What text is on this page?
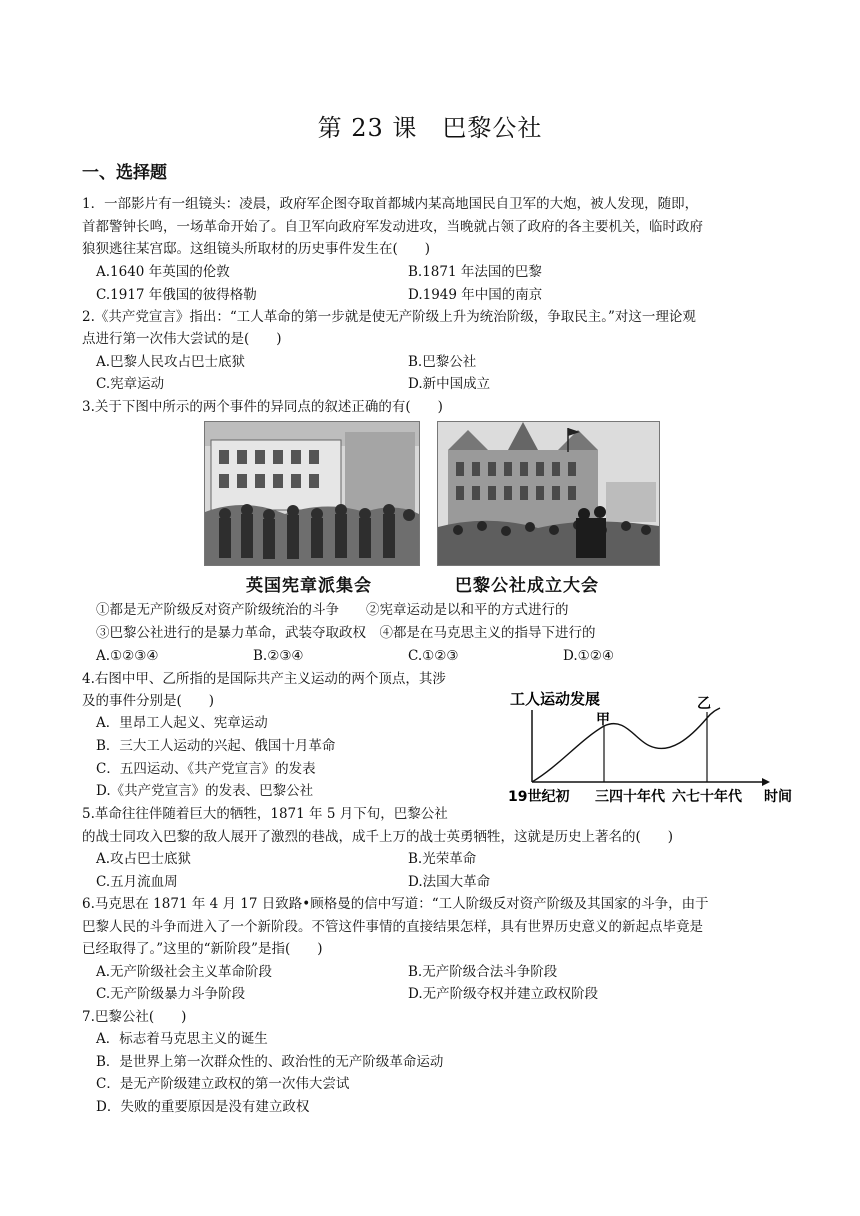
第 23 课　巴黎公社
一、选择题
1．一部影片有一组镜头：凌晨，政府军企图夺取首都城内某高地国民自卫军的大炮，被人发现，随即，
首都警钟长鸣，一场革命开始了。自卫军向政府军发动进攻，当晚就占领了政府的各主要机关，临时政府
狼狈逃往某宫邸。这组镜头所取材的历史事件发生在(　　)
A.1640 年英国的伦敦	B.1871 年法国的巴黎
C.1917 年俄国的彼得格勒	D.1949 年中国的南京
2.《共产党宣言》指出：“工人革命的第一步就是使无产阶级上升为统治阶级，争取民主。”对这一理论观
点进行第一次伟大尝试的是(　　)
A.巴黎人民攻占巴士底狱	B.巴黎公社
C.宪章运动	D.新中国成立
3.关于下图中所示的两个事件的异同点的叙述正确的有(　　)
英国宪章派集会	巴黎公社成立大会
①都是无产阶级反对资产阶级统治的斗争　　②宪章运动是以和平的方式进行的
③巴黎公社进行的是暴力革命，武装夺取政权　④都是在马克思主义的指导下进行的
A.①②③④	B.②③④	C.①②③	D.①②④
4.右图中甲、乙所指的是国际共产主义运动的两个顶点，其涉
及的事件分别是(　　)
A．里昂工人起义、宪章运动
B．三大工人运动的兴起、俄国十月革命
C．五四运动、《共产党宣言》的发表
D.《共产党宣言》的发表、巴黎公社
工人运动发展
甲
乙
19世纪初 三四十年代 六七十年代 时间
5.革命往往伴随着巨大的牺牲，1871 年 5 月下旬，巴黎公社
的战士同攻入巴黎的敌人展开了激烈的巷战，成千上万的战士英勇牺牲，这就是历史上著名的(　　)
A.攻占巴士底狱	B.光荣革命
C.五月流血周	D.法国大革命
6.马克思在 1871 年 4 月 17 日致路•顾格曼的信中写道：“工人阶级反对资产阶级及其国家的斗争，由于
巴黎人民的斗争而进入了一个新阶段。不管这件事情的直接结果怎样，具有世界历史意义的新起点毕竟是
已经取得了。”这里的“新阶段”是指(　　)
A.无产阶级社会主义革命阶段	B.无产阶级合法斗争阶段
C.无产阶级暴力斗争阶段	D.无产阶级夺权并建立政权阶段
7.巴黎公社(　　)
A．标志着马克思主义的诞生
B．是世界上第一次群众性的、政治性的无产阶级革命运动
C．是无产阶级建立政权的第一次伟大尝试
D．失败的重要原因是没有建立政权
